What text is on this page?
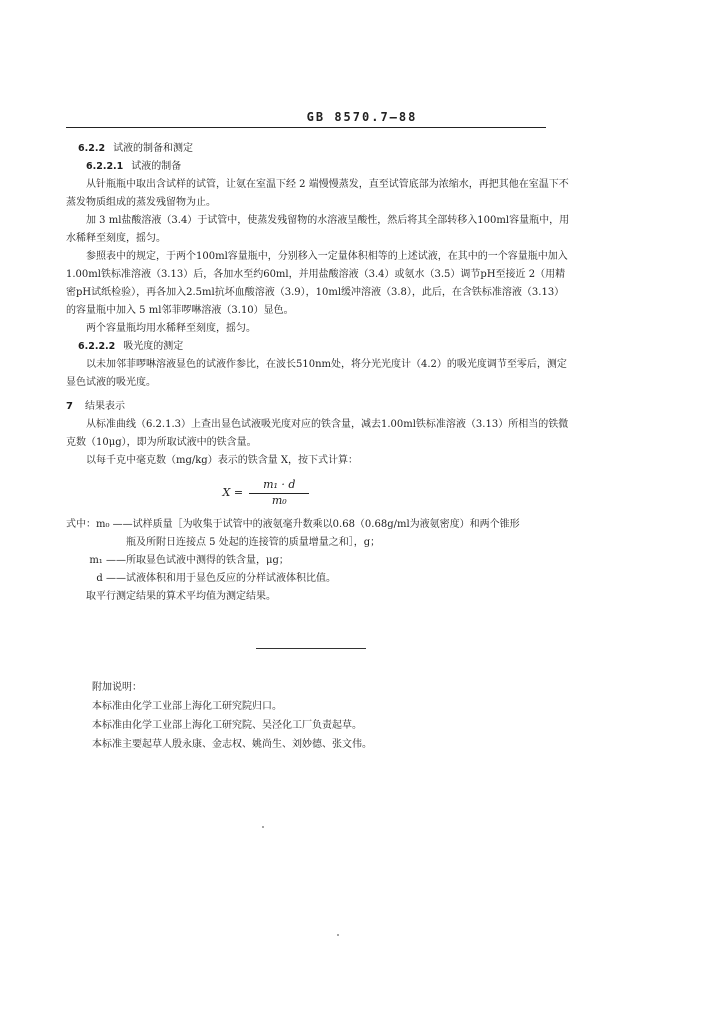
GB 8570.7—88
6.2.2 试液的制备和测定
6.2.2.1 试液的制备

从针瓶瓶中取出含试样的试管，让氨在室温下经 2 端慢慢蒸发，直至试管底部为浓缩水，再把其他在室温下不蒸发物质组成的蒸发残留物为止。

加 3 ml盐酸溶液（3.4）于试管中，使蒸发残留物的水溶液呈酸性，然后将其全部转移入100ml容量瓶中，用水稀释至刻度，摇匀。

参照表中的规定，于两个100ml容量瓶中，分别移入一定量体积相等的上述试液，在其中的一个容量瓶中加入1.00ml铁标准溶液（3.13）后，各加水至约60ml，并用盐酸溶液（3.4）或氨水（3.5）调节pH至接近 2（用精密pH试纸检验），再各加入2.5ml抗坏血酸溶液（3.9），10ml缓冲溶液（3.8），此后，在含铁标准溶液（3.13）的容量瓶中加入 5 ml邻菲啰啉溶液（3.10）显色。

两个容量瓶均用水稀释至刻度，摇匀。

6.2.2.2 吸光度的测定

以未加邻菲啰啉溶液显色的试液作参比，在波长510nm处，将分光光度计（4.2）的吸光度调节至零后，测定显色试液的吸光度。

7 结果表示

从标准曲线（6.2.1.3）上查出显色试液吸光度对应的铁含量，减去1.00ml铁标准溶液（3.13）所相当的铁微克数（10μg），即为所取试液中的铁含量。

以每千克中毫克数（mg/kg）表示的铁含量 X，按下式计算：

$X = \frac{\text{m₁ · d}}{\text{m₀}}$
式中： m₀ —— 试样质量［为收集于试管中的液氨毫升数乘以0.68（0.68g/ml为液氨密度）和两个锥形
瓶及所附日连接点 5 处起的连接管的质量增量之和］，g；
m₁ —— 所取显色试液中测得的铁含量，μg；
d —— 试液体积和用于显色反应的分样试液体积比值。

取平行测定结果的算术平均值为测定结果。

附加说明：

本标准由化学工业部上海化工研究院归口。

本标准由化学工业部上海化工研究院、吴泾化工厂负责起草。

本标准主要起草人殷永康、金志权、姚尚生、刘妙德、张文伟。
